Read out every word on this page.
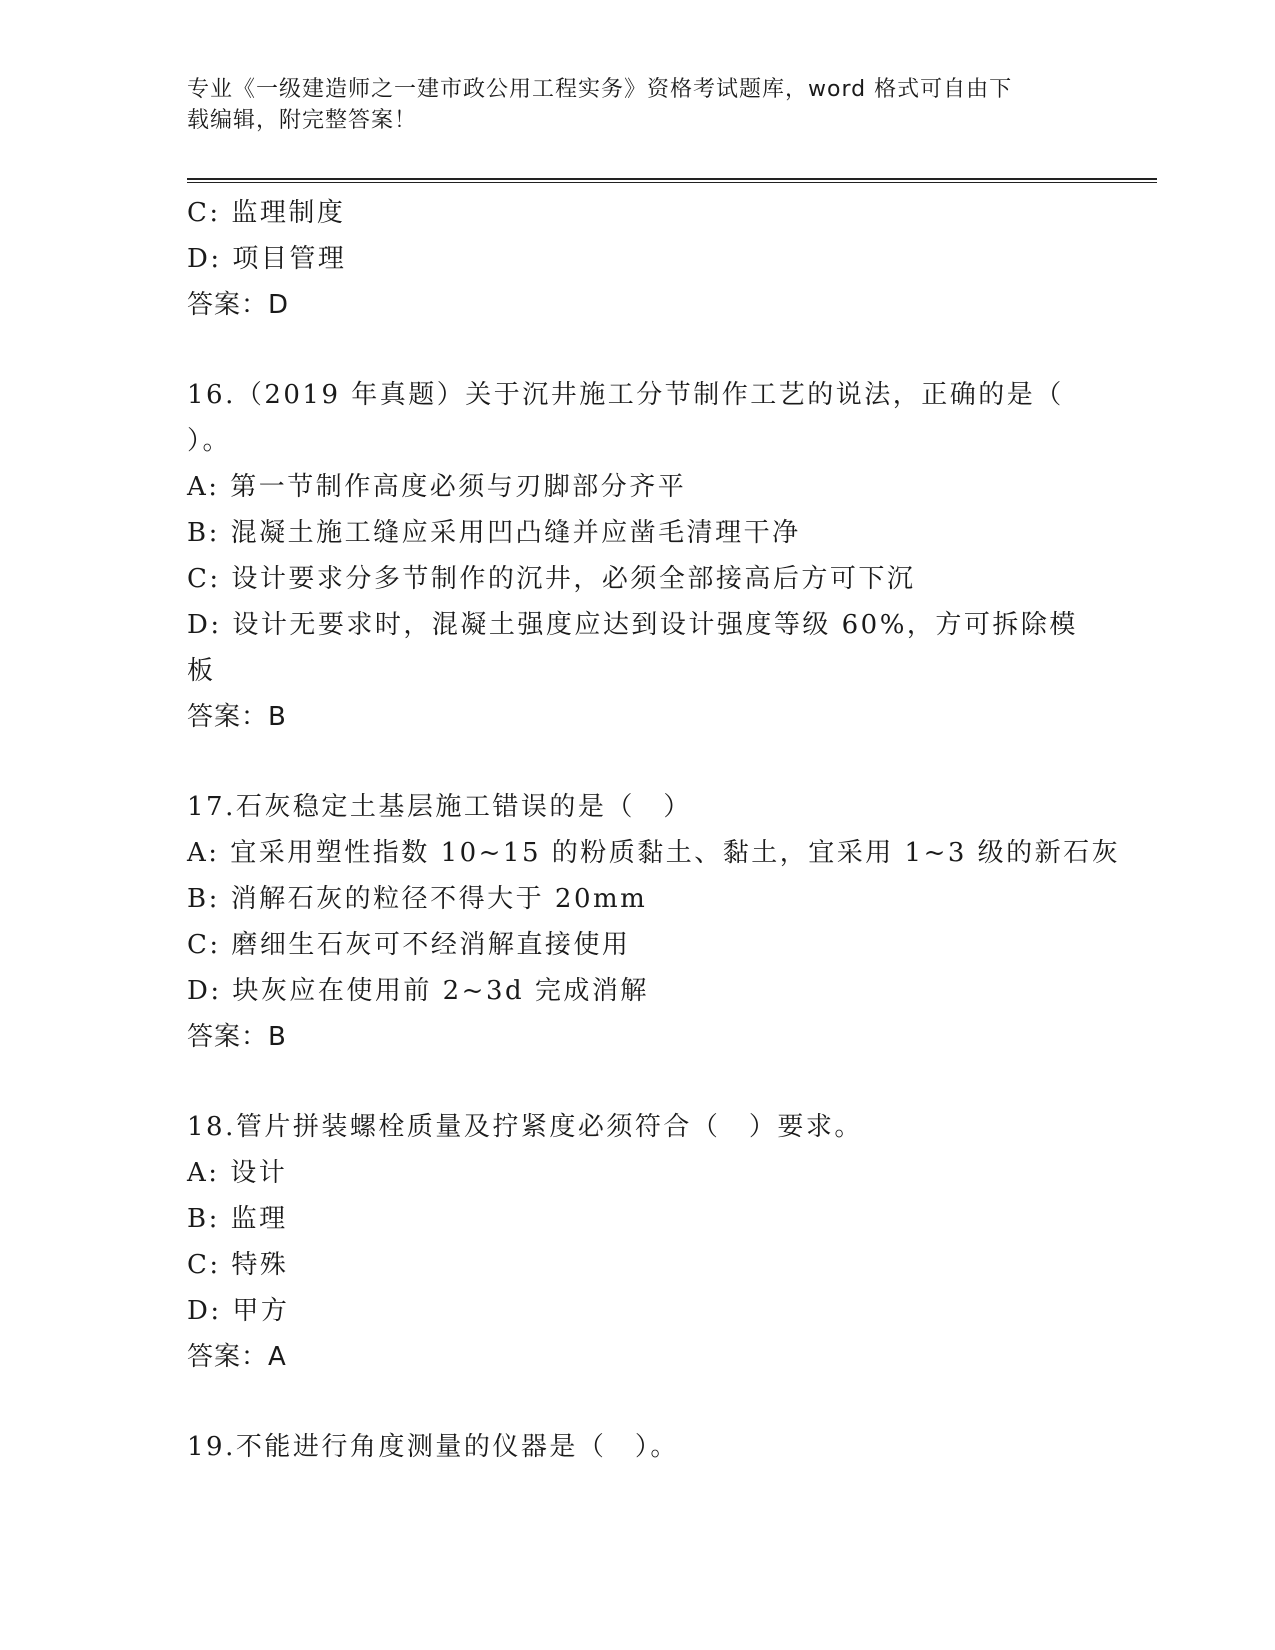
专业《一级建造师之一建市政公用工程实务》资格考试题库，word 格式可自由下
载编辑，附完整答案！

C: 监理制度

D: 项目管理

答案：D

16.（2019 年真题）关于沉井施工分节制作工艺的说法，正确的是（

）。

A: 第一节制作高度必须与刃脚部分齐平

B: 混凝土施工缝应采用凹凸缝并应凿毛清理干净

C: 设计要求分多节制作的沉井，必须全部接高后方可下沉

D: 设计无要求时，混凝土强度应达到设计强度等级 60%，方可拆除模

板

答案：B

17.石灰稳定土基层施工错误的是（　）

A: 宜采用塑性指数 10~15 的粉质黏土、黏土，宜采用 1~3 级的新石灰

B: 消解石灰的粒径不得大于 20mm

C: 磨细生石灰可不经消解直接使用

D: 块灰应在使用前 2~3d 完成消解

答案：B

18.管片拼装螺栓质量及拧紧度必须符合（　）要求。

A: 设计

B: 监理

C: 特殊

D: 甲方

答案：A

19.不能进行角度测量的仪器是（　）。
